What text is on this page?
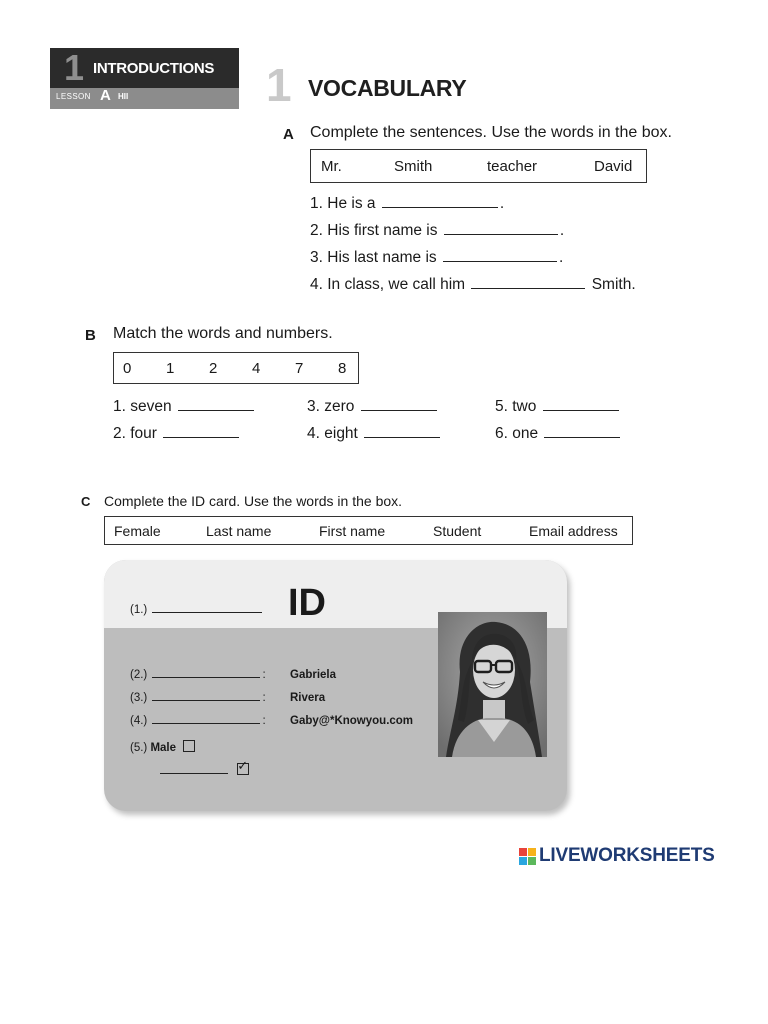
1 INTRODUCTIONS
LESSON A HII	1 VOCABULARY
A Complete the sentences. Use the words in the box.
Mr.	Smith	teacher	David
1. He is a	.
2. His first name is	.
3. His last name is	.
4. In class, we call him	Smith.
B Match the words and numbers.
0 1 2 4 7 8
1. seven
2. four
3. zero
4. eight
5. two
6. one
C Complete the ID card. Use the words in the box.
Female	Last name	First name	Student	Email address
ID
(1.)
(2.)	: Gabriela
(3.)	: Rivera
(4.)	: Gaby@*Knowyou.com
(5.) Male

✓
LIVEWORKSHEETS
